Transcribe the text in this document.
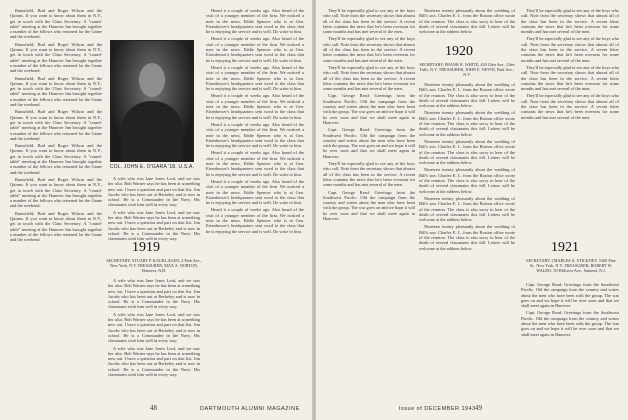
Rumsfield, Bud and Roger Wilson and the Quinns. If you want to know about them in N.Y., get in touch with the Class Secretary. A "round-table" meeting at the Hanover Inn brought together a number of the fellows who returned for the Game and the weekend.

Rumsfield, Bud and Roger Wilson and the Quinns. If you want to know about them in N.Y., get in touch with the Class Secretary. A "round-table" meeting at the Hanover Inn brought together a number of the fellows who returned for the Game and the weekend.

Rumsfield, Bud and Roger Wilson and the Quinns. If you want to know about them in N.Y., get in touch with the Class Secretary. A "round-table" meeting at the Hanover Inn brought together a number of the fellows who returned for the Game and the weekend.

Rumsfield, Bud and Roger Wilson and the Quinns. If you want to know about them in N.Y., get in touch with the Class Secretary. A "round-table" meeting at the Hanover Inn brought together a number of the fellows who returned for the Game and the weekend.

Rumsfield, Bud and Roger Wilson and the Quinns. If you want to know about them in N.Y., get in touch with the Class Secretary. A "round-table" meeting at the Hanover Inn brought together a number of the fellows who returned for the Game and the weekend.

Rumsfield, Bud and Roger Wilson and the Quinns. If you want to know about them in N.Y., get in touch with the Class Secretary. A "round-table" meeting at the Hanover Inn brought together a number of the fellows who returned for the Game and the weekend.

Rumsfield, Bud and Roger Wilson and the Quinns. If you want to know about them in N.Y., get in touch with the Class Secretary. A "round-table" meeting at the Hanover Inn brought together a number of the fellows who returned for the Game and the weekend.

COL. JOHN E. O'GARA '18, U.S.A.

A wife who was Jane Jones Lord, and we saw her also. Bob Warner says he has been at something new out. I have a question and part on that list. Jim Jacobs who has been out at Berkeley and is now in school. He is a Commander in the Navy. His classmates wish him well in every way.

A wife who was Jane Jones Lord, and we saw her also. Bob Warner says he has been at something new out. I have a question and part on that list. Jim Jacobs who has been out at Berkeley and is now in school. He is a Commander in the Navy. His classmates wish him well in every way.

1919
SECRETARY, STUART P. KAUKLAGEN, 2 Park Ave., New York, N.Y. TREASURER, MAX A. NORTON, Hanover, N.H.

A wife who was Jane Jones Lord, and we saw her also. Bob Warner says he has been at something new out. I have a question and part on that list. Jim Jacobs who has been out at Berkeley and is now in school. He is a Commander in the Navy. His classmates wish him well in every way.

A wife who was Jane Jones Lord, and we saw her also. Bob Warner says he has been at something new out. I have a question and part on that list. Jim Jacobs who has been out at Berkeley and is now in school. He is a Commander in the Navy. His classmates wish him well in every way.

A wife who was Jane Jones Lord, and we saw her also. Bob Warner says he has been at something new out. I have a question and part on that list. Jim Jacobs who has been out at Berkeley and is now in school. He is a Commander in the Navy. His classmates wish him well in every way.

Heard it a couple of weeks ago. Also heard of the visit of a younger member of the firm. We noticed a note in the news. Eddie Spencer who is at Gen. Eisenhower's headquarters sent word to the class that he is enjoying the service and is well. Do write to him.

Heard it a couple of weeks ago. Also heard of the visit of a younger member of the firm. We noticed a note in the news. Eddie Spencer who is at Gen. Eisenhower's headquarters sent word to the class that he is enjoying the service and is well. Do write to him.

Heard it a couple of weeks ago. Also heard of the visit of a younger member of the firm. We noticed a note in the news. Eddie Spencer who is at Gen. Eisenhower's headquarters sent word to the class that he is enjoying the service and is well. Do write to him.

Heard it a couple of weeks ago. Also heard of the visit of a younger member of the firm. We noticed a note in the news. Eddie Spencer who is at Gen. Eisenhower's headquarters sent word to the class that he is enjoying the service and is well. Do write to him.

Heard it a couple of weeks ago. Also heard of the visit of a younger member of the firm. We noticed a note in the news. Eddie Spencer who is at Gen. Eisenhower's headquarters sent word to the class that he is enjoying the service and is well. Do write to him.

Heard it a couple of weeks ago. Also heard of the visit of a younger member of the firm. We noticed a note in the news. Eddie Spencer who is at Gen. Eisenhower's headquarters sent word to the class that he is enjoying the service and is well. Do write to him.

Heard it a couple of weeks ago. Also heard of the visit of a younger member of the firm. We noticed a note in the news. Eddie Spencer who is at Gen. Eisenhower's headquarters sent word to the class that he is enjoying the service and is well. Do write to him.

Heard it a couple of weeks ago. Also heard of the visit of a younger member of the firm. We noticed a note in the news. Eddie Spencer who is at Gen. Eisenhower's headquarters sent word to the class that he is enjoying the service and is well. Do write to him.

48	DARTMOUTH ALUMNI MAGAZINE

They'll be especially glad to see any of the boys who call. Note from the secretary shows that almost all of the class has been in the service. A recent letter contains the news that he's been overseas for some months and has met several of the men.

They'll be especially glad to see any of the boys who call. Note from the secretary shows that almost all of the class has been in the service. A recent letter contains the news that he's been overseas for some months and has met several of the men.

They'll be especially glad to see any of the boys who call. Note from the secretary shows that almost all of the class has been in the service. A recent letter contains the news that he's been overseas for some months and has met several of the men.

Capt. George Read: Greetings from the Southwest Pacific. Old the campaign from the country and writes about the men who have been with the group. The war goes on and we hope it will be over soon and that we shall meet again in Hanover.

Capt. George Read: Greetings from the Southwest Pacific. Old the campaign from the country and writes about the men who have been with the group. The war goes on and we hope it will be over soon and that we shall meet again in Hanover.

They'll be especially glad to see any of the boys who call. Note from the secretary shows that almost all of the class has been in the service. A recent letter contains the news that he's been overseas for some months and has met several of the men.

Capt. George Read: Greetings from the Southwest Pacific. Old the campaign from the country and writes about the men who have been with the group. The war goes on and we hope it will be over soon and that we shall meet again in Hanover.

Nineteen twenty pleasantly about the wedding of Bill's son. Charles E. L. from the Boston office wrote of the reunion. The class is also sorry to hear of the death of several classmates this fall. Letters will be welcome at the address below.

1920
SECRETARY, FRANK R. WHITE, 420 Glen Ave., Glen Falls, N.Y. TREASURER, JOHN E. NEVIN, Park Ave., N.Y.

Nineteen twenty pleasantly about the wedding of Bill's son. Charles E. L. from the Boston office wrote of the reunion. The class is also sorry to hear of the death of several classmates this fall. Letters will be welcome at the address below.

Nineteen twenty pleasantly about the wedding of Bill's son. Charles E. L. from the Boston office wrote of the reunion. The class is also sorry to hear of the death of several classmates this fall. Letters will be welcome at the address below.

Nineteen twenty pleasantly about the wedding of Bill's son. Charles E. L. from the Boston office wrote of the reunion. The class is also sorry to hear of the death of several classmates this fall. Letters will be welcome at the address below.

Nineteen twenty pleasantly about the wedding of Bill's son. Charles E. L. from the Boston office wrote of the reunion. The class is also sorry to hear of the death of several classmates this fall. Letters will be welcome at the address below.

Nineteen twenty pleasantly about the wedding of Bill's son. Charles E. L. from the Boston office wrote of the reunion. The class is also sorry to hear of the death of several classmates this fall. Letters will be welcome at the address below.

Nineteen twenty pleasantly about the wedding of Bill's son. Charles E. L. from the Boston office wrote of the reunion. The class is also sorry to hear of the death of several classmates this fall. Letters will be welcome at the address below.

They'll be especially glad to see any of the boys who call. Note from the secretary shows that almost all of the class has been in the service. A recent letter contains the news that he's been overseas for some months and has met several of the men.

They'll be especially glad to see any of the boys who call. Note from the secretary shows that almost all of the class has been in the service. A recent letter contains the news that he's been overseas for some months and has met several of the men.

They'll be especially glad to see any of the boys who call. Note from the secretary shows that almost all of the class has been in the service. A recent letter contains the news that he's been overseas for some months and has met several of the men.

They'll be especially glad to see any of the boys who call. Note from the secretary shows that almost all of the class has been in the service. A recent letter contains the news that he's been overseas for some months and has met several of the men.

1921
SECRETARY, CHARLES A. STICKNEY, 5300 Pine St., New York, N.Y. TREASURER, ROBERT W. WALDO, 59 Hillcrest Ave., Summit, N.J.

Capt. George Read: Greetings from the Southwest Pacific. Old the campaign from the country and writes about the men who have been with the group. The war goes on and we hope it will be over soon and that we shall meet again in Hanover.

Capt. George Read: Greetings from the Southwest Pacific. Old the campaign from the country and writes about the men who have been with the group. The war goes on and we hope it will be over soon and that we shall meet again in Hanover.

Issue of DECEMBER 1943 49
